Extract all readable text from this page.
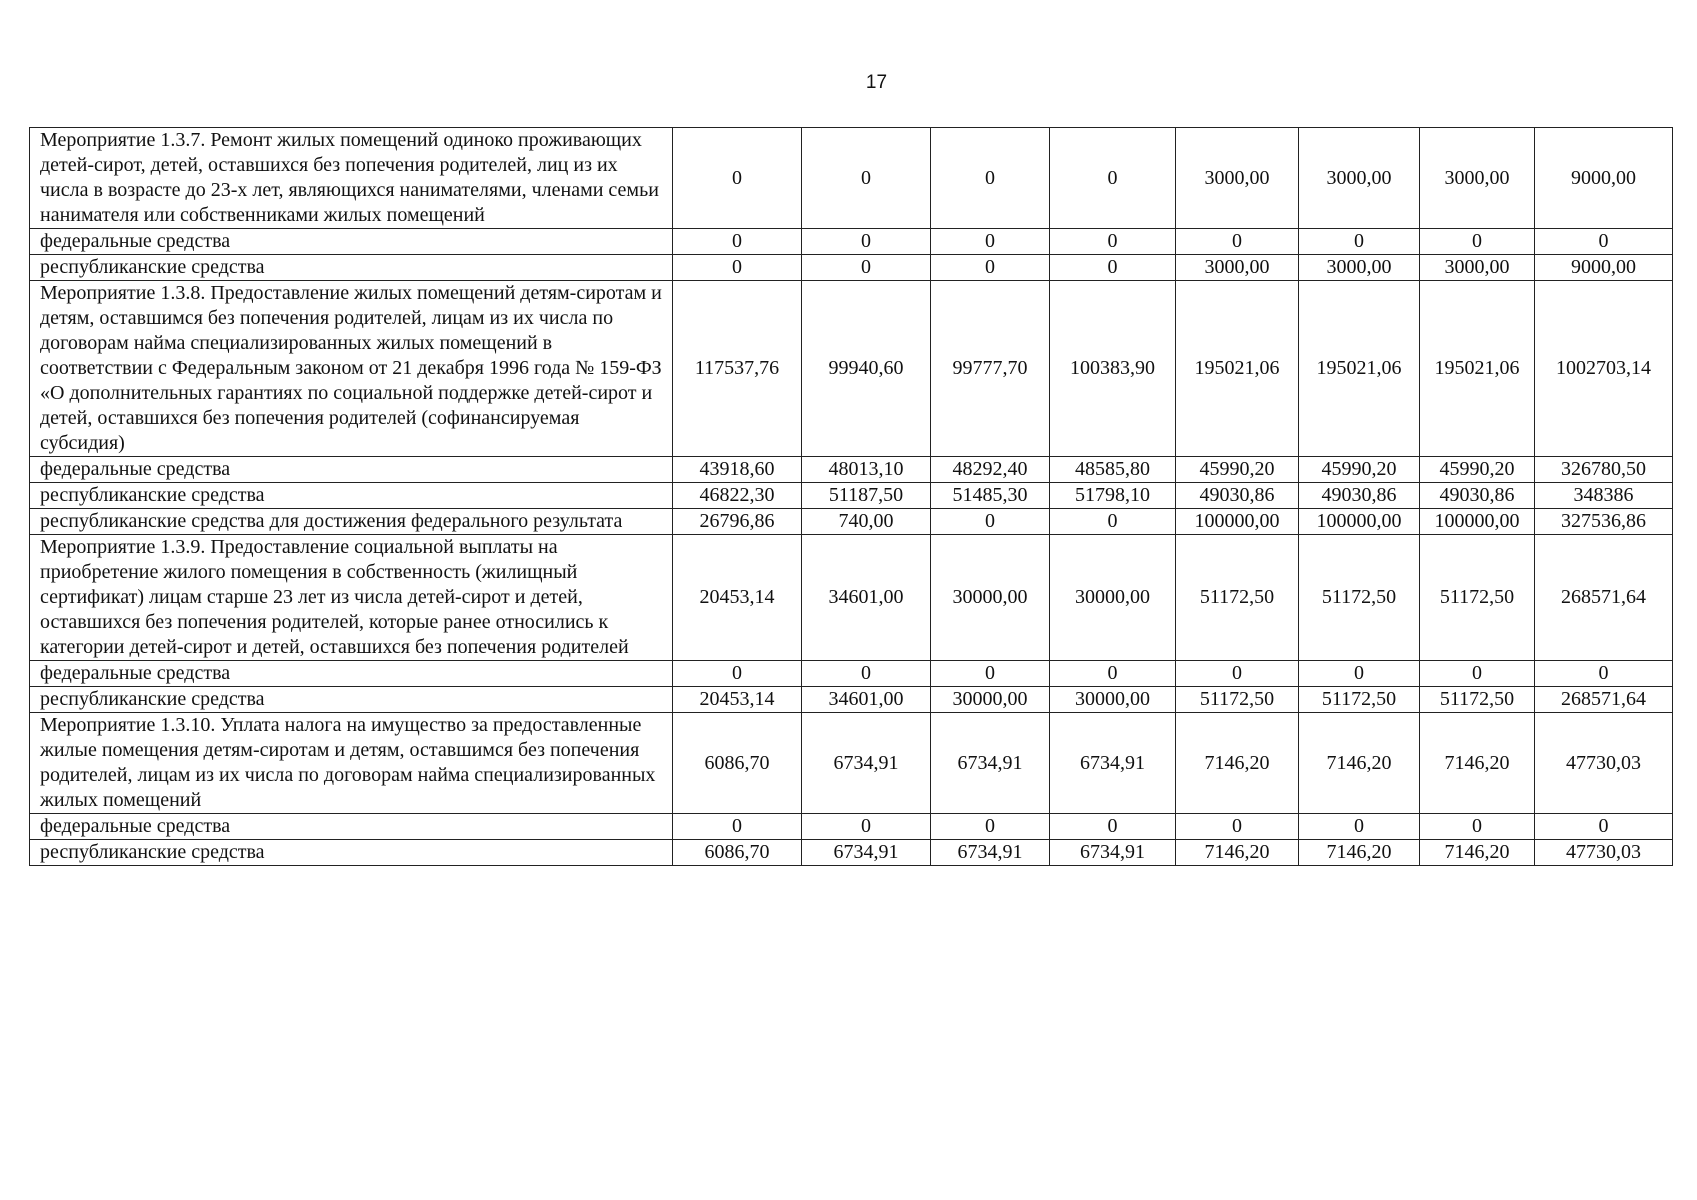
17
Мероприятие 1.3.7. Ремонт жилых помещений одиноко проживающих детей-сирот, детей, оставшихся без попечения родителей, лиц из их числа в возрасте до 23-х лет, являющихся нанимателями, членами семьи нанимателя или собственниками жилых помещений	0	0	0	0	3000,00	3000,00	3000,00	9000,00
федеральные средства	0	0	0	0	0	0	0	0
республиканские средства	0	0	0	0	3000,00	3000,00	3000,00	9000,00
Мероприятие 1.3.8. Предоставление жилых помещений детям-сиротам и детям, оставшимся без попечения родителей, лицам из их числа по договорам найма специализированных жилых помещений в соответствии с Федеральным законом от 21 декабря 1996 года № 159-ФЗ «О дополнительных гарантиях по социальной поддержке детей-сирот и детей, оставшихся без попечения родителей (софинансируемая субсидия)	117537,76	99940,60	99777,70	100383,90	195021,06	195021,06	195021,06	1002703,14
федеральные средства	43918,60	48013,10	48292,40	48585,80	45990,20	45990,20	45990,20	326780,50
республиканские средства	46822,30	51187,50	51485,30	51798,10	49030,86	49030,86	49030,86	348386
республиканские средства для достижения федерального результата	26796,86	740,00	0	0	100000,00	100000,00	100000,00	327536,86
Мероприятие 1.3.9. Предоставление социальной выплаты на приобретение жилого помещения в собственность (жилищный сертификат) лицам старше 23 лет из числа детей-сирот и детей, оставшихся без попечения родителей, которые ранее относились к категории детей-сирот и детей, оставшихся без попечения родителей	20453,14	34601,00	30000,00	30000,00	51172,50	51172,50	51172,50	268571,64
федеральные средства	0	0	0	0	0	0	0	0
республиканские средства	20453,14	34601,00	30000,00	30000,00	51172,50	51172,50	51172,50	268571,64
Мероприятие 1.3.10. Уплата налога на имущество за предоставленные жилые помещения детям-сиротам и детям, оставшимся без попечения родителей, лицам из их числа по договорам найма специализированных жилых помещений	6086,70	6734,91	6734,91	6734,91	7146,20	7146,20	7146,20	47730,03
федеральные средства	0	0	0	0	0	0	0	0
республиканские средства	6086,70	6734,91	6734,91	6734,91	7146,20	7146,20	7146,20	47730,03
